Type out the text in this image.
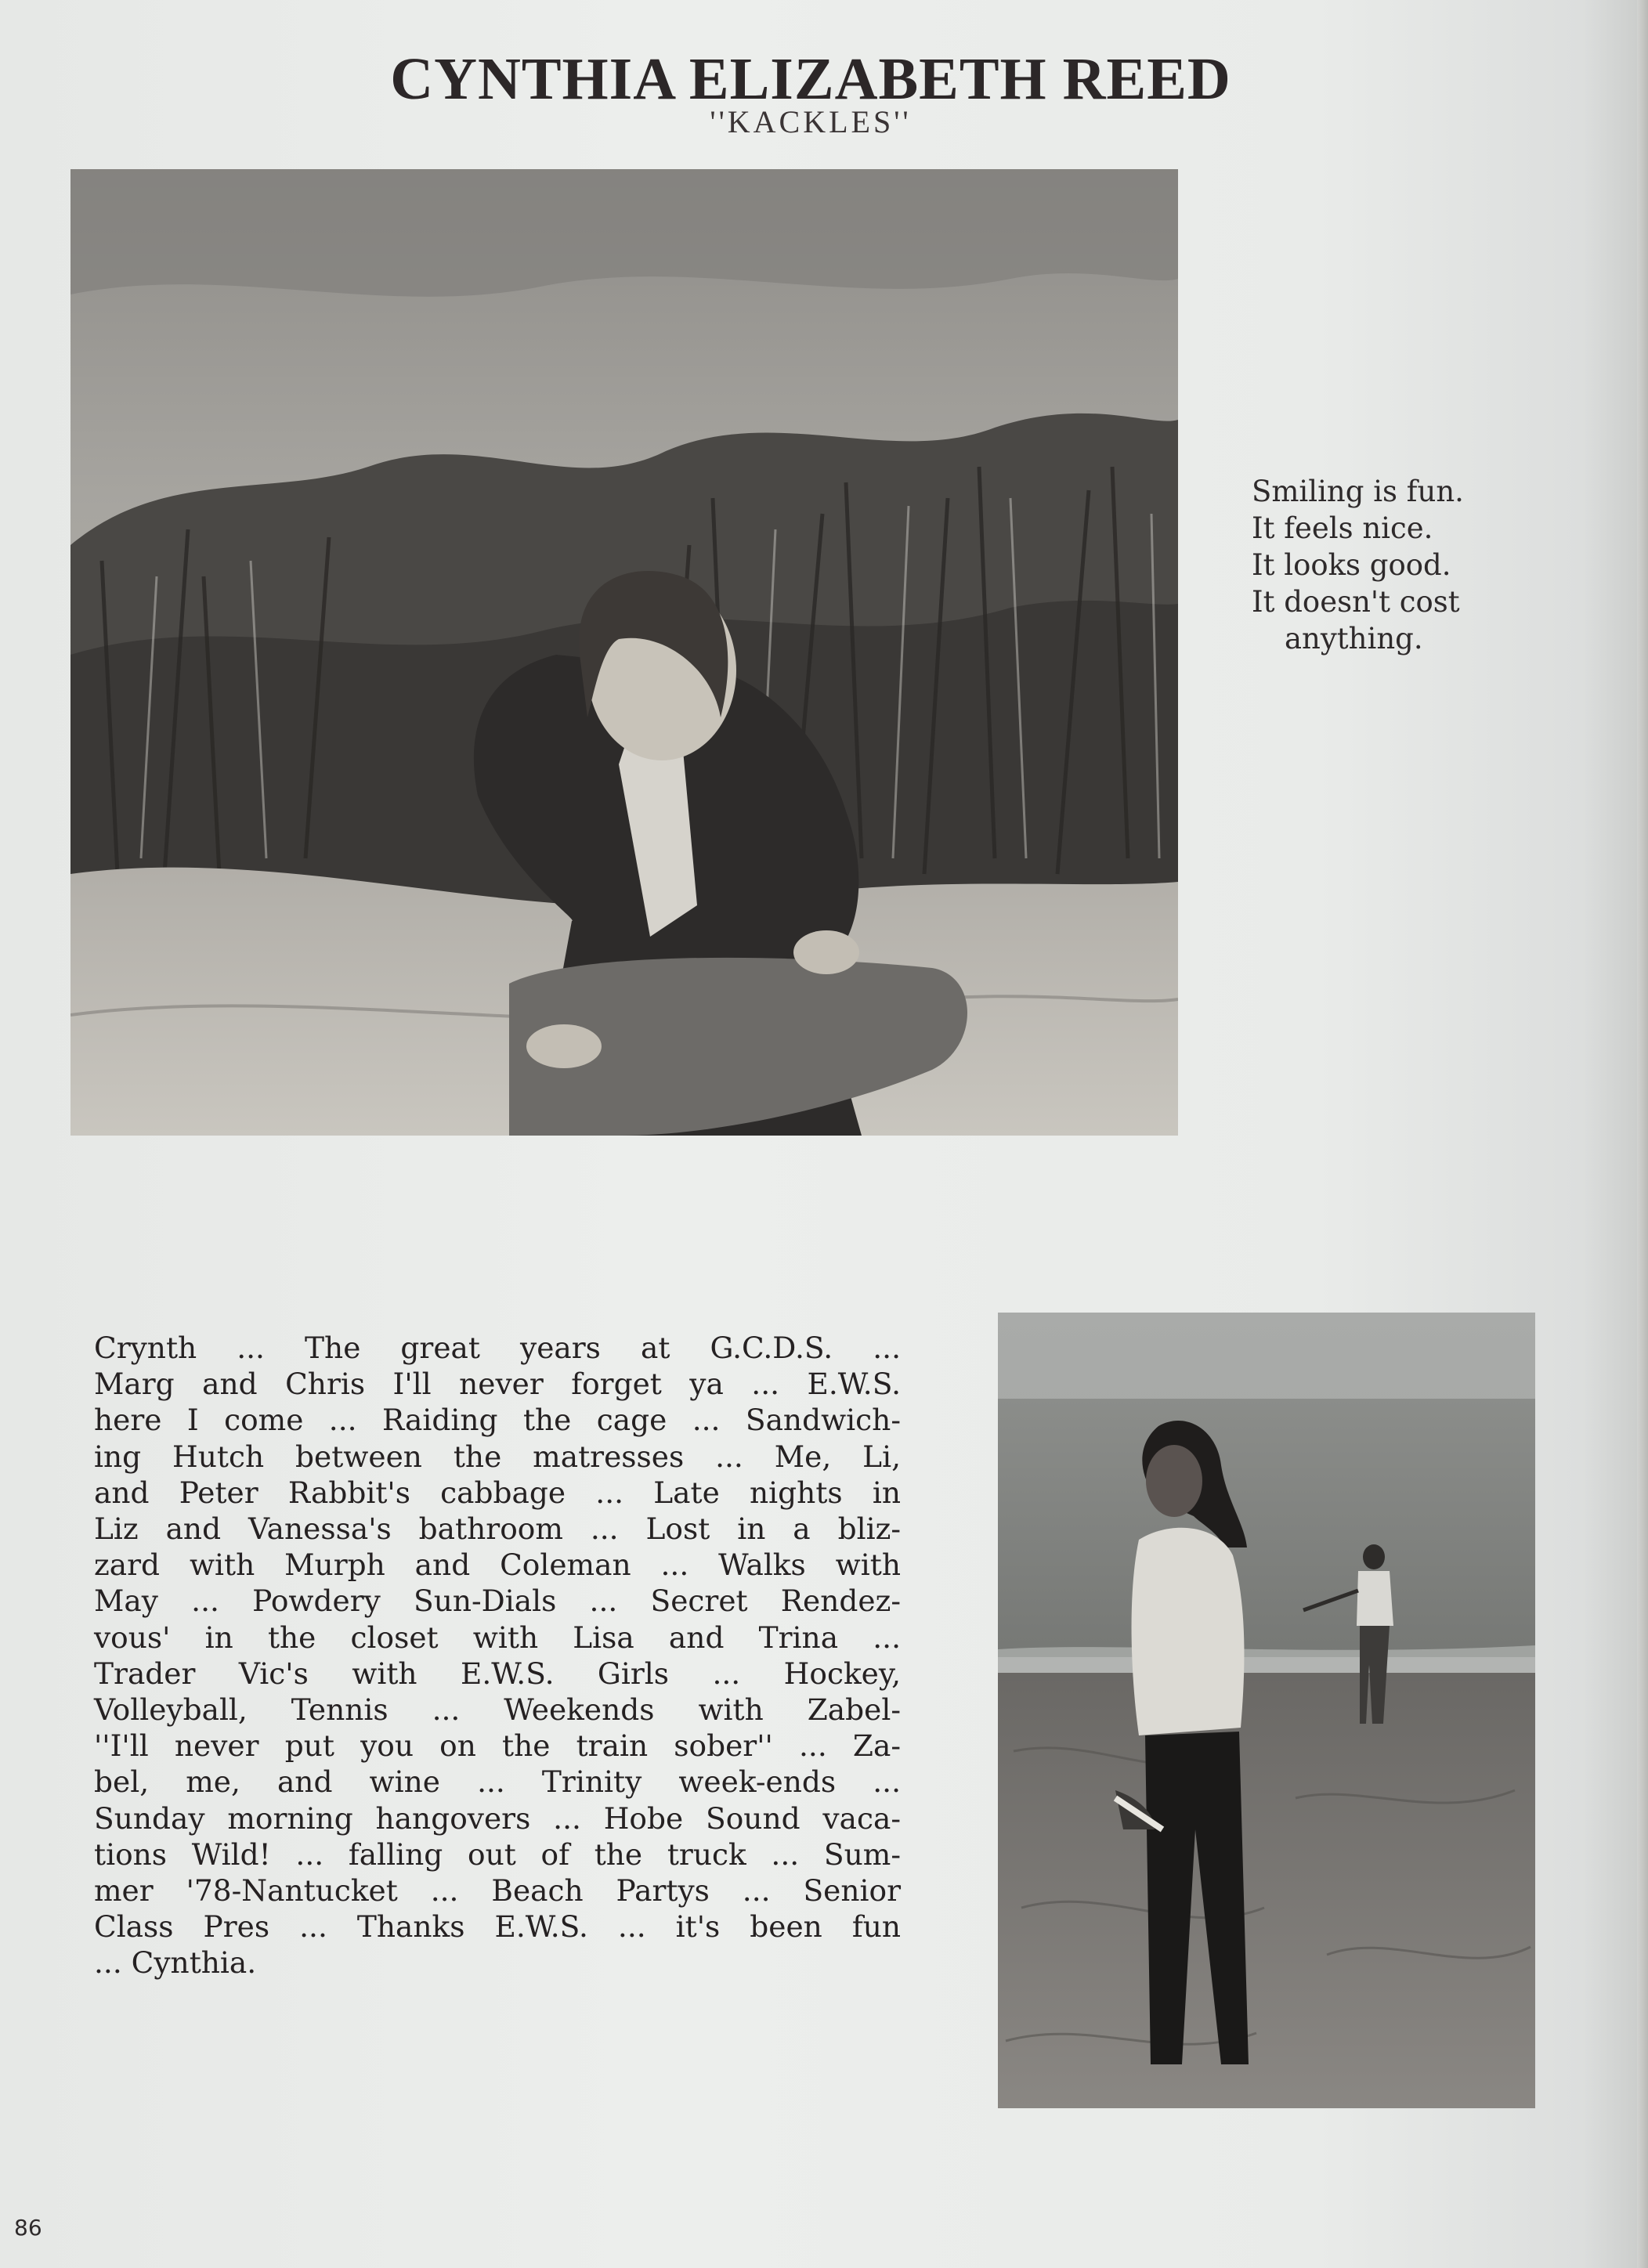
CYNTHIA ELIZABETH REED
''KACKLES''
Smiling is fun.
It feels nice.
It looks good.
It doesn't cost
anything.
Crynth ... The great years at G.C.D.S. ...
Marg and Chris I'll never forget ya ... E.W.S.
here I come ... Raiding the cage ... Sandwich-
ing Hutch between the matresses ... Me, Li,
and Peter Rabbit's cabbage ... Late nights in
Liz and Vanessa's bathroom ... Lost in a bliz-
zard with Murph and Coleman ... Walks with
May ... Powdery Sun-Dials ... Secret Rendez-
vous' in the closet with Lisa and Trina ...
Trader Vic's with E.W.S. Girls ... Hockey,
Volleyball, Tennis ... Weekends with Zabel-
''I'll never put you on the train sober'' ... Za-
bel, me, and wine ... Trinity week-ends ...
Sunday morning hangovers ... Hobe Sound vaca-
tions Wild! ... falling out of the truck ... Sum-
mer '78-Nantucket ... Beach Partys ... Senior
Class Pres ... Thanks E.W.S. ... it's been fun
... Cynthia.
86
